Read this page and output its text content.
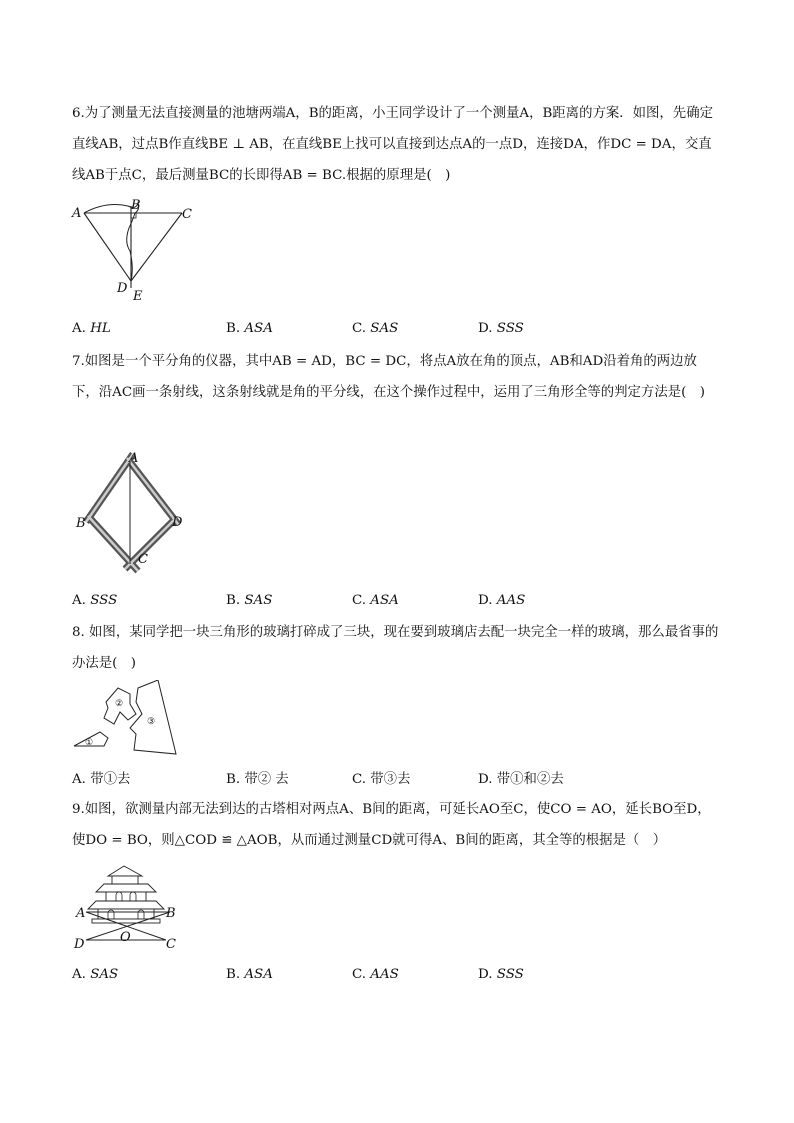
6.为了测量无法直接测量的池塘两端A，B的距离，小王同学设计了一个测量A，B距离的方案．如图，先确定直线AB，过点B作直线BE ⊥ AB，在直线BE上找可以直接到达点A的一点D，连接DA，作DC = DA，交直线AB于点C，最后测量BC的长即得AB = BC.根据的原理是(　)
A
B
C
D
E
A. HL	B. ASA	C. SAS	D. SSS
7.如图是一个平分角的仪器，其中AB = AD，BC = DC，将点A放在角的顶点，AB和AD沿着角的两边放下，沿AC画一条射线，这条射线就是角的平分线，在这个操作过程中，运用了三角形全等的判定方法是(　)
A
B
C
D
A. SSS	B. SAS	C. ASA	D. AAS
8. 如图，某同学把一块三角形的玻璃打碎成了三块，现在要到玻璃店去配一块完全一样的玻璃，那么最省事的办法是(　)
①
②
③
A. 带①去	B. 带② 去	C. 带③去	D. 带①和②去
9.如图，欲测量内部无法到达的古塔相对两点A、B间的距离，可延长AO至C，使CO = AO，延长BO至D，使DO = BO，则△COD ≌ △AOB，从而通过测量CD就可得A、B间的距离，其全等的根据是（　）
A	B
D	O	C
A. SAS	B. ASA	C. AAS	D. SSS
